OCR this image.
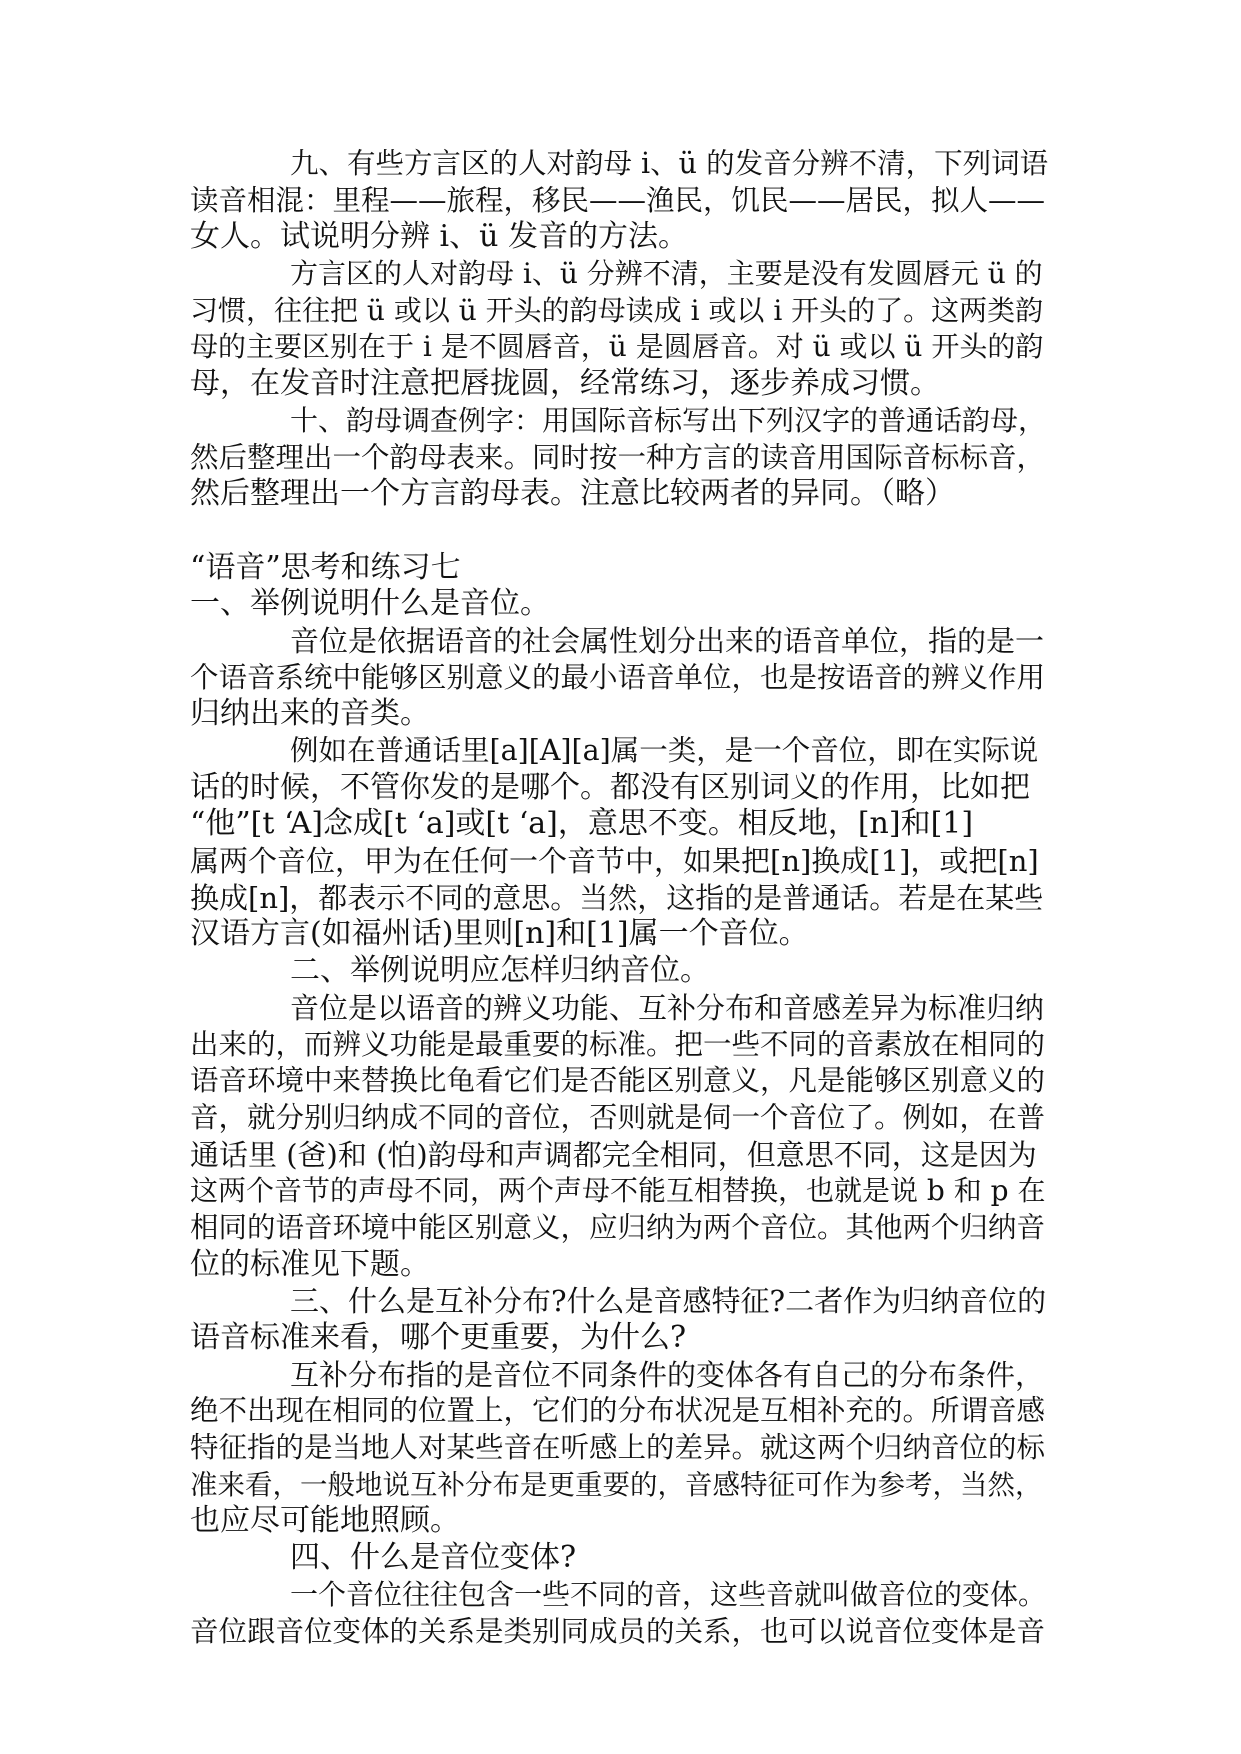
九、有些方言区的人对韵母 i、ü 的发音分辨不清，下列词语
读音相混：里程——旅程，移民——渔民，饥民——居民，拟人——
女人。试说明分辨 i、ü 发音的方法。
方言区的人对韵母 i、ü 分辨不清，主要是没有发圆唇元 ü 的
习惯，往往把 ü 或以 ü 开头的韵母读成 i 或以 i 开头的了。这两类韵
母的主要区别在于 i 是不圆唇音，ü 是圆唇音。对 ü 或以 ü 开头的韵
母，在发音时注意把唇拢圆，经常练习，逐步养成习惯。
十、韵母调查例字：用国际音标写出下列汉字的普通话韵母，
然后整理出一个韵母表来。同时按一种方言的读音用国际音标标音，
然后整理出一个方言韵母表。注意比较两者的异同。（略）
“语音”思考和练习七
一、举例说明什么是音位。
音位是依据语音的社会属性划分出来的语音单位，指的是一
个语音系统中能够区别意义的最小语音单位，也是按语音的辨义作用
归纳出来的音类。
例如在普通话里[a][A][a]属一类，是一个音位，即在实际说
话的时候，不管你发的是哪个。都没有区别词义的作用，比如把
“他”[t ‘A]念成[t ‘a]或[t ‘a]，意思不变。相反地，[n]和[1]
属两个音位，甲为在任何一个音节中，如果把[n]换成[1]，或把[n]
换成[n]，都表示不同的意思。当然，这指的是普通话。若是在某些
汉语方言(如福州话)里则[n]和[1]属一个音位。
二、举例说明应怎样归纳音位。
音位是以语音的辨义功能、互补分布和音感差异为标准归纳
出来的，而辨义功能是最重要的标准。把一些不同的音素放在相同的
语音环境中来替换比龟看它们是否能区别意义，凡是能够区别意义的
音，就分别归纳成不同的音位，否则就是伺一个音位了。例如，在普
通话里 (爸)和 (怕)韵母和声调都完全相同，但意思不同，这是因为
这两个音节的声母不同，两个声母不能互相替换，也就是说 b 和 p 在
相同的语音环境中能区别意义，应归纳为两个音位。其他两个归纳音
位的标准见下题。
三、什么是互补分布?什么是音感特征?二者作为归纳音位的
语音标准来看，哪个更重要，为什么?
互补分布指的是音位不同条件的变体各有自己的分布条件，
绝不出现在相同的位置上，它们的分布状况是互相补充的。所谓音感
特征指的是当地人对某些音在听感上的差异。就这两个归纳音位的标
准来看，一般地说互补分布是更重要的，音感特征可作为参考，当然，
也应尽可能地照顾。
四、什么是音位变体?
一个音位往往包含一些不同的音，这些音就叫做音位的变体。
音位跟音位变体的关系是类别同成员的关系，也可以说音位变体是音
